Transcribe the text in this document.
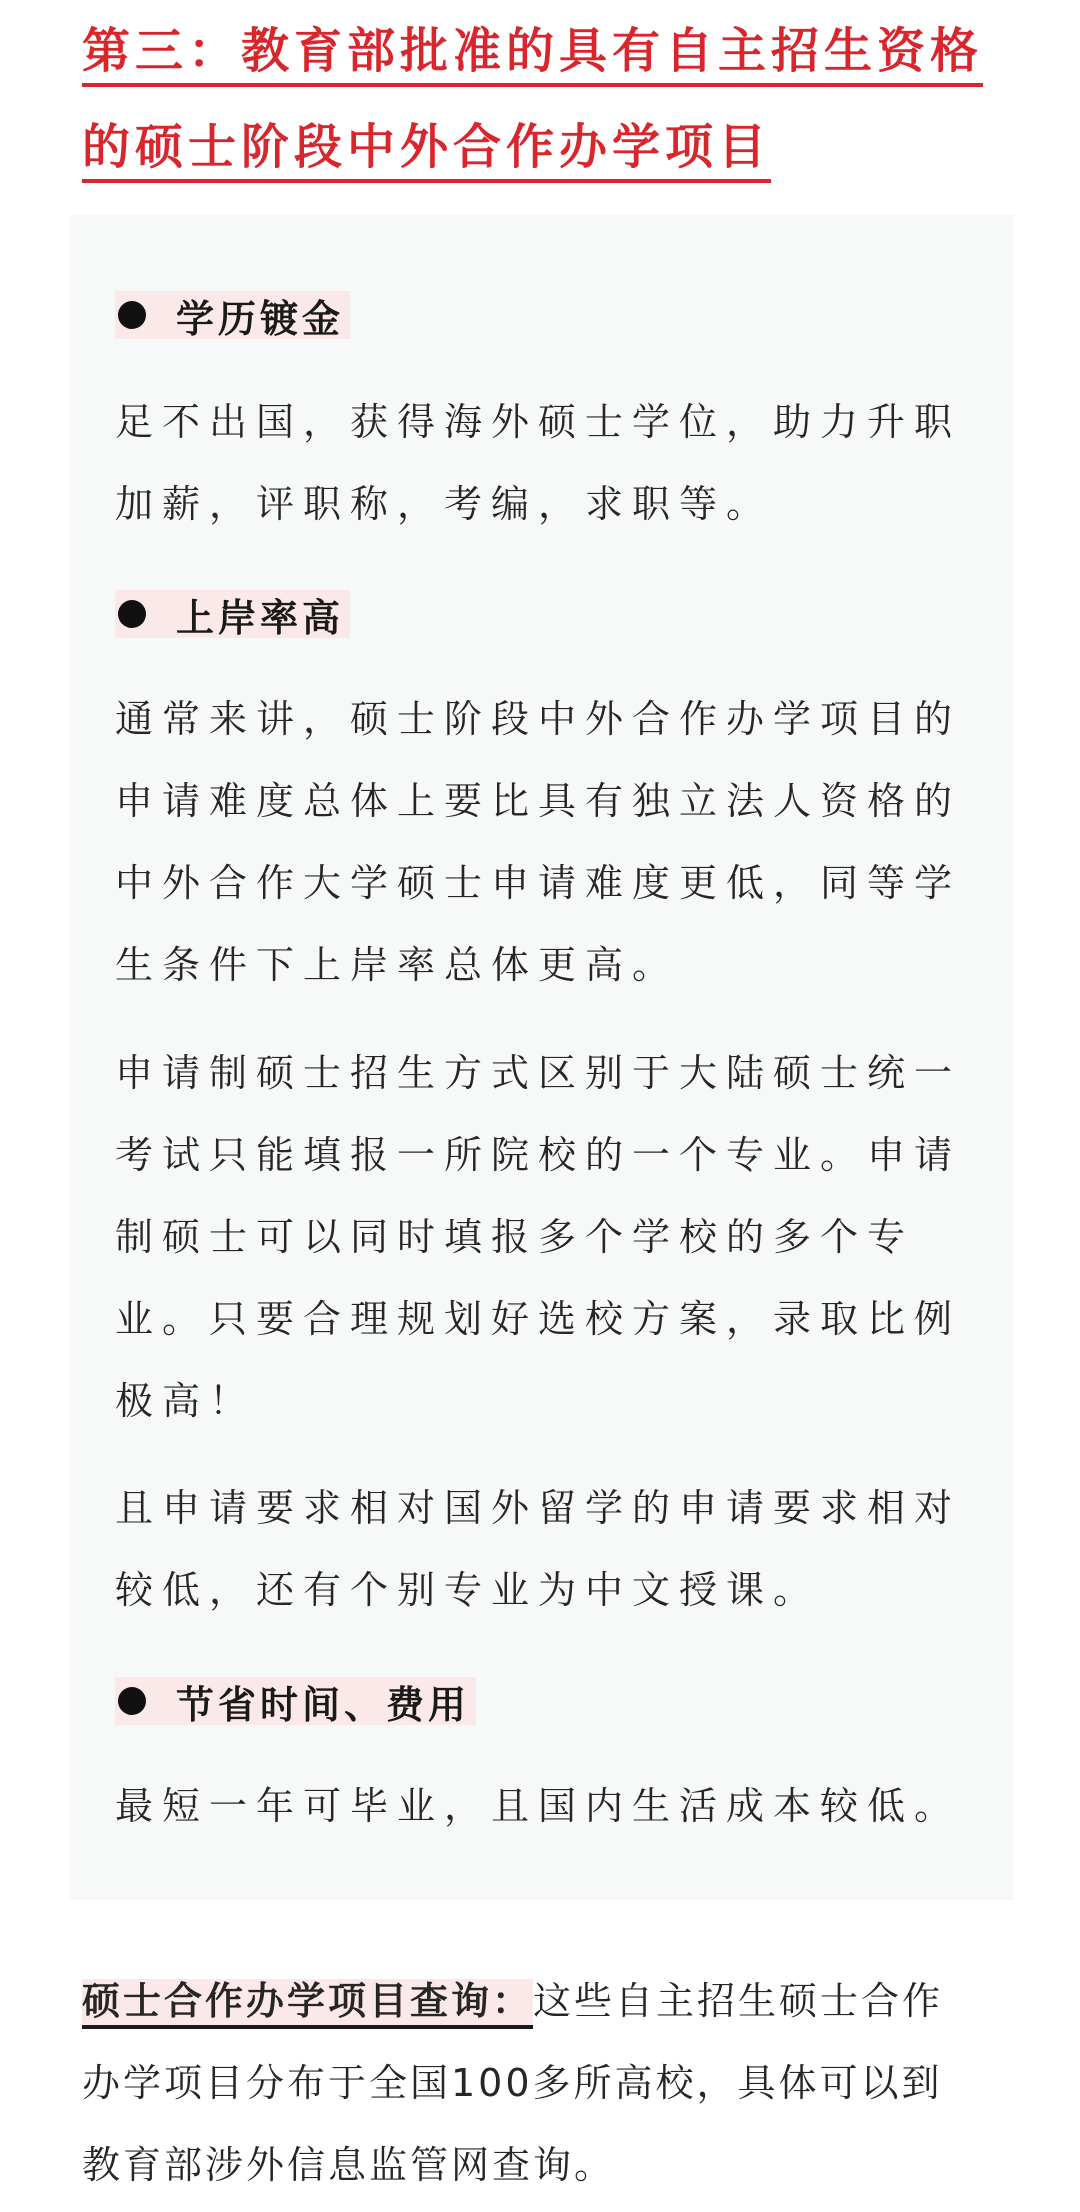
第三：教育部批准的具有自主招生资格
的硕士阶段中外合作办学项目
学历镀金
足不出国，获得海外硕士学位，助力升职
加薪，评职称，考编，求职等。
上岸率高
通常来讲，硕士阶段中外合作办学项目的
申请难度总体上要比具有独立法人资格的
中外合作大学硕士申请难度更低，同等学
生条件下上岸率总体更高。
申请制硕士招生方式区别于大陆硕士统一
考试只能填报一所院校的一个专业。申请
制硕士可以同时填报多个学校的多个专
业。只要合理规划好选校方案，录取比例
极高！
且申请要求相对国外留学的申请要求相对
较低，还有个别专业为中文授课。
节省时间、费用
最短一年可毕业，且国内生活成本较低。
硕士合作办学项目查询：这些自主招生硕士合作
办学项目分布于全国100多所高校，具体可以到
教育部涉外信息监管网查询。
